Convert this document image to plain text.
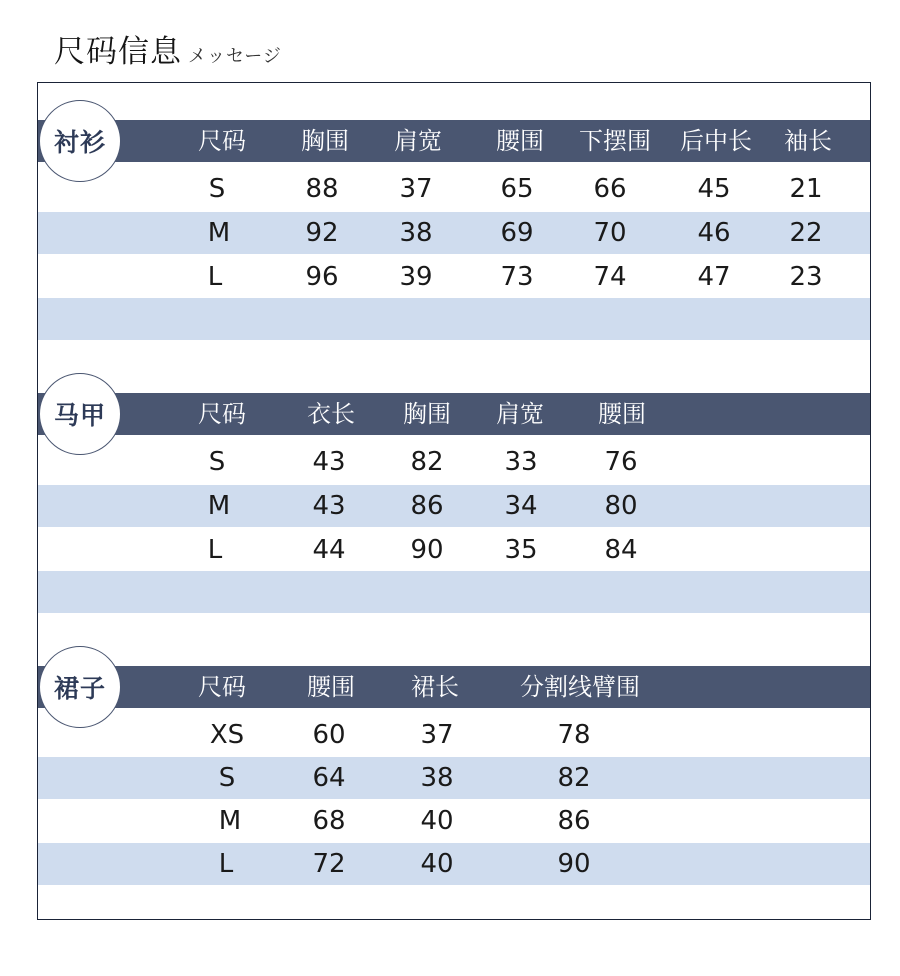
尺码信息 メッセージ
尺码 胸围 肩宽 腰围 下摆围 后中长 袖长
S	88 37	65 66	45 21
M	92 38	69 70	46 22
L	96 39	73 74	47 23
衬衫
尺码	衣长 胸围 肩宽 腰围
S	43 82 33	76
M	43 86 34	80
L	44 90 35	84
马甲
尺码	腰围 裙长	分割线臂围
XS	60	37	78
S	64	38	82
M	68	40	86
L	72	40	90
裙子
